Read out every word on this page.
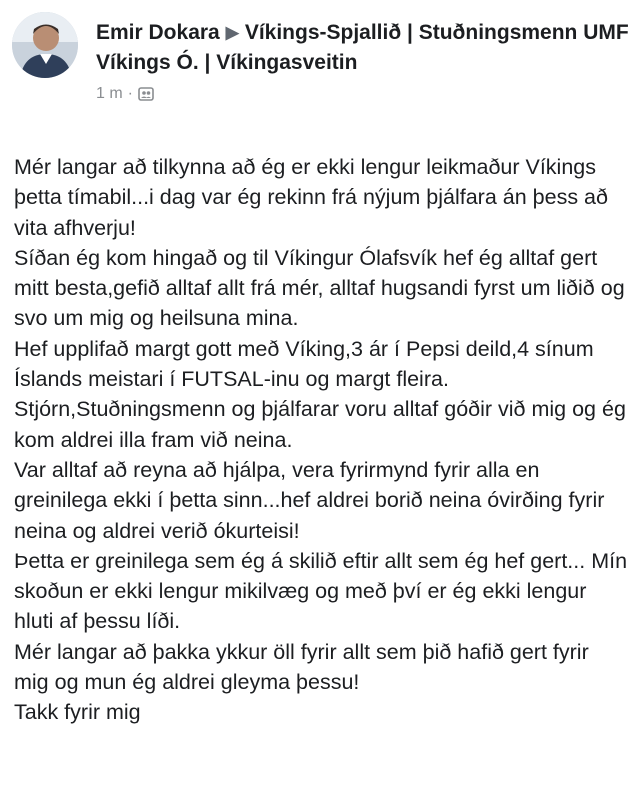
Emir Dokara ▶ Víkings-Spjallið | Stuðningsmenn UMF Víkings Ó. | Víkingasveitin
1 m ·

Mér langar að tilkynna að ég er ekki lengur leikmaður Víkings þetta tímabil...i dag var ég rekinn frá nýjum þjálfara án þess að vita afhverju!

Síðan ég kom hingað og til Víkingur Ólafsvík hef ég alltaf gert mitt besta,gefið alltaf allt frá mér, alltaf hugsandi fyrst um liðið og svo um mig og heilsuna mina.

Hef upplifað margt gott með Víking,3 ár í Pepsi deild,4 sínum Íslands meistari í FUTSAL-inu og margt fleira.

Stjórn,Stuðningsmenn og þjálfarar voru alltaf góðir við mig og ég kom aldrei illa fram við neina.

Var alltaf að reyna að hjálpa, vera fyrirmynd fyrir alla en greinilega ekki í þetta sinn...hef aldrei borið neina óvirðing fyrir neina og aldrei verið ókurteisi!

Þetta er greinilega sem ég á skilið eftir allt sem ég hef gert... Mín skoðun er ekki lengur mikilvæg og með því er ég ekki lengur hluti af þessu líði.

Mér langar að þakka ykkur öll fyrir allt sem þið hafið gert fyrir mig og mun ég aldrei gleyma þessu!

Takk fyrir mig
